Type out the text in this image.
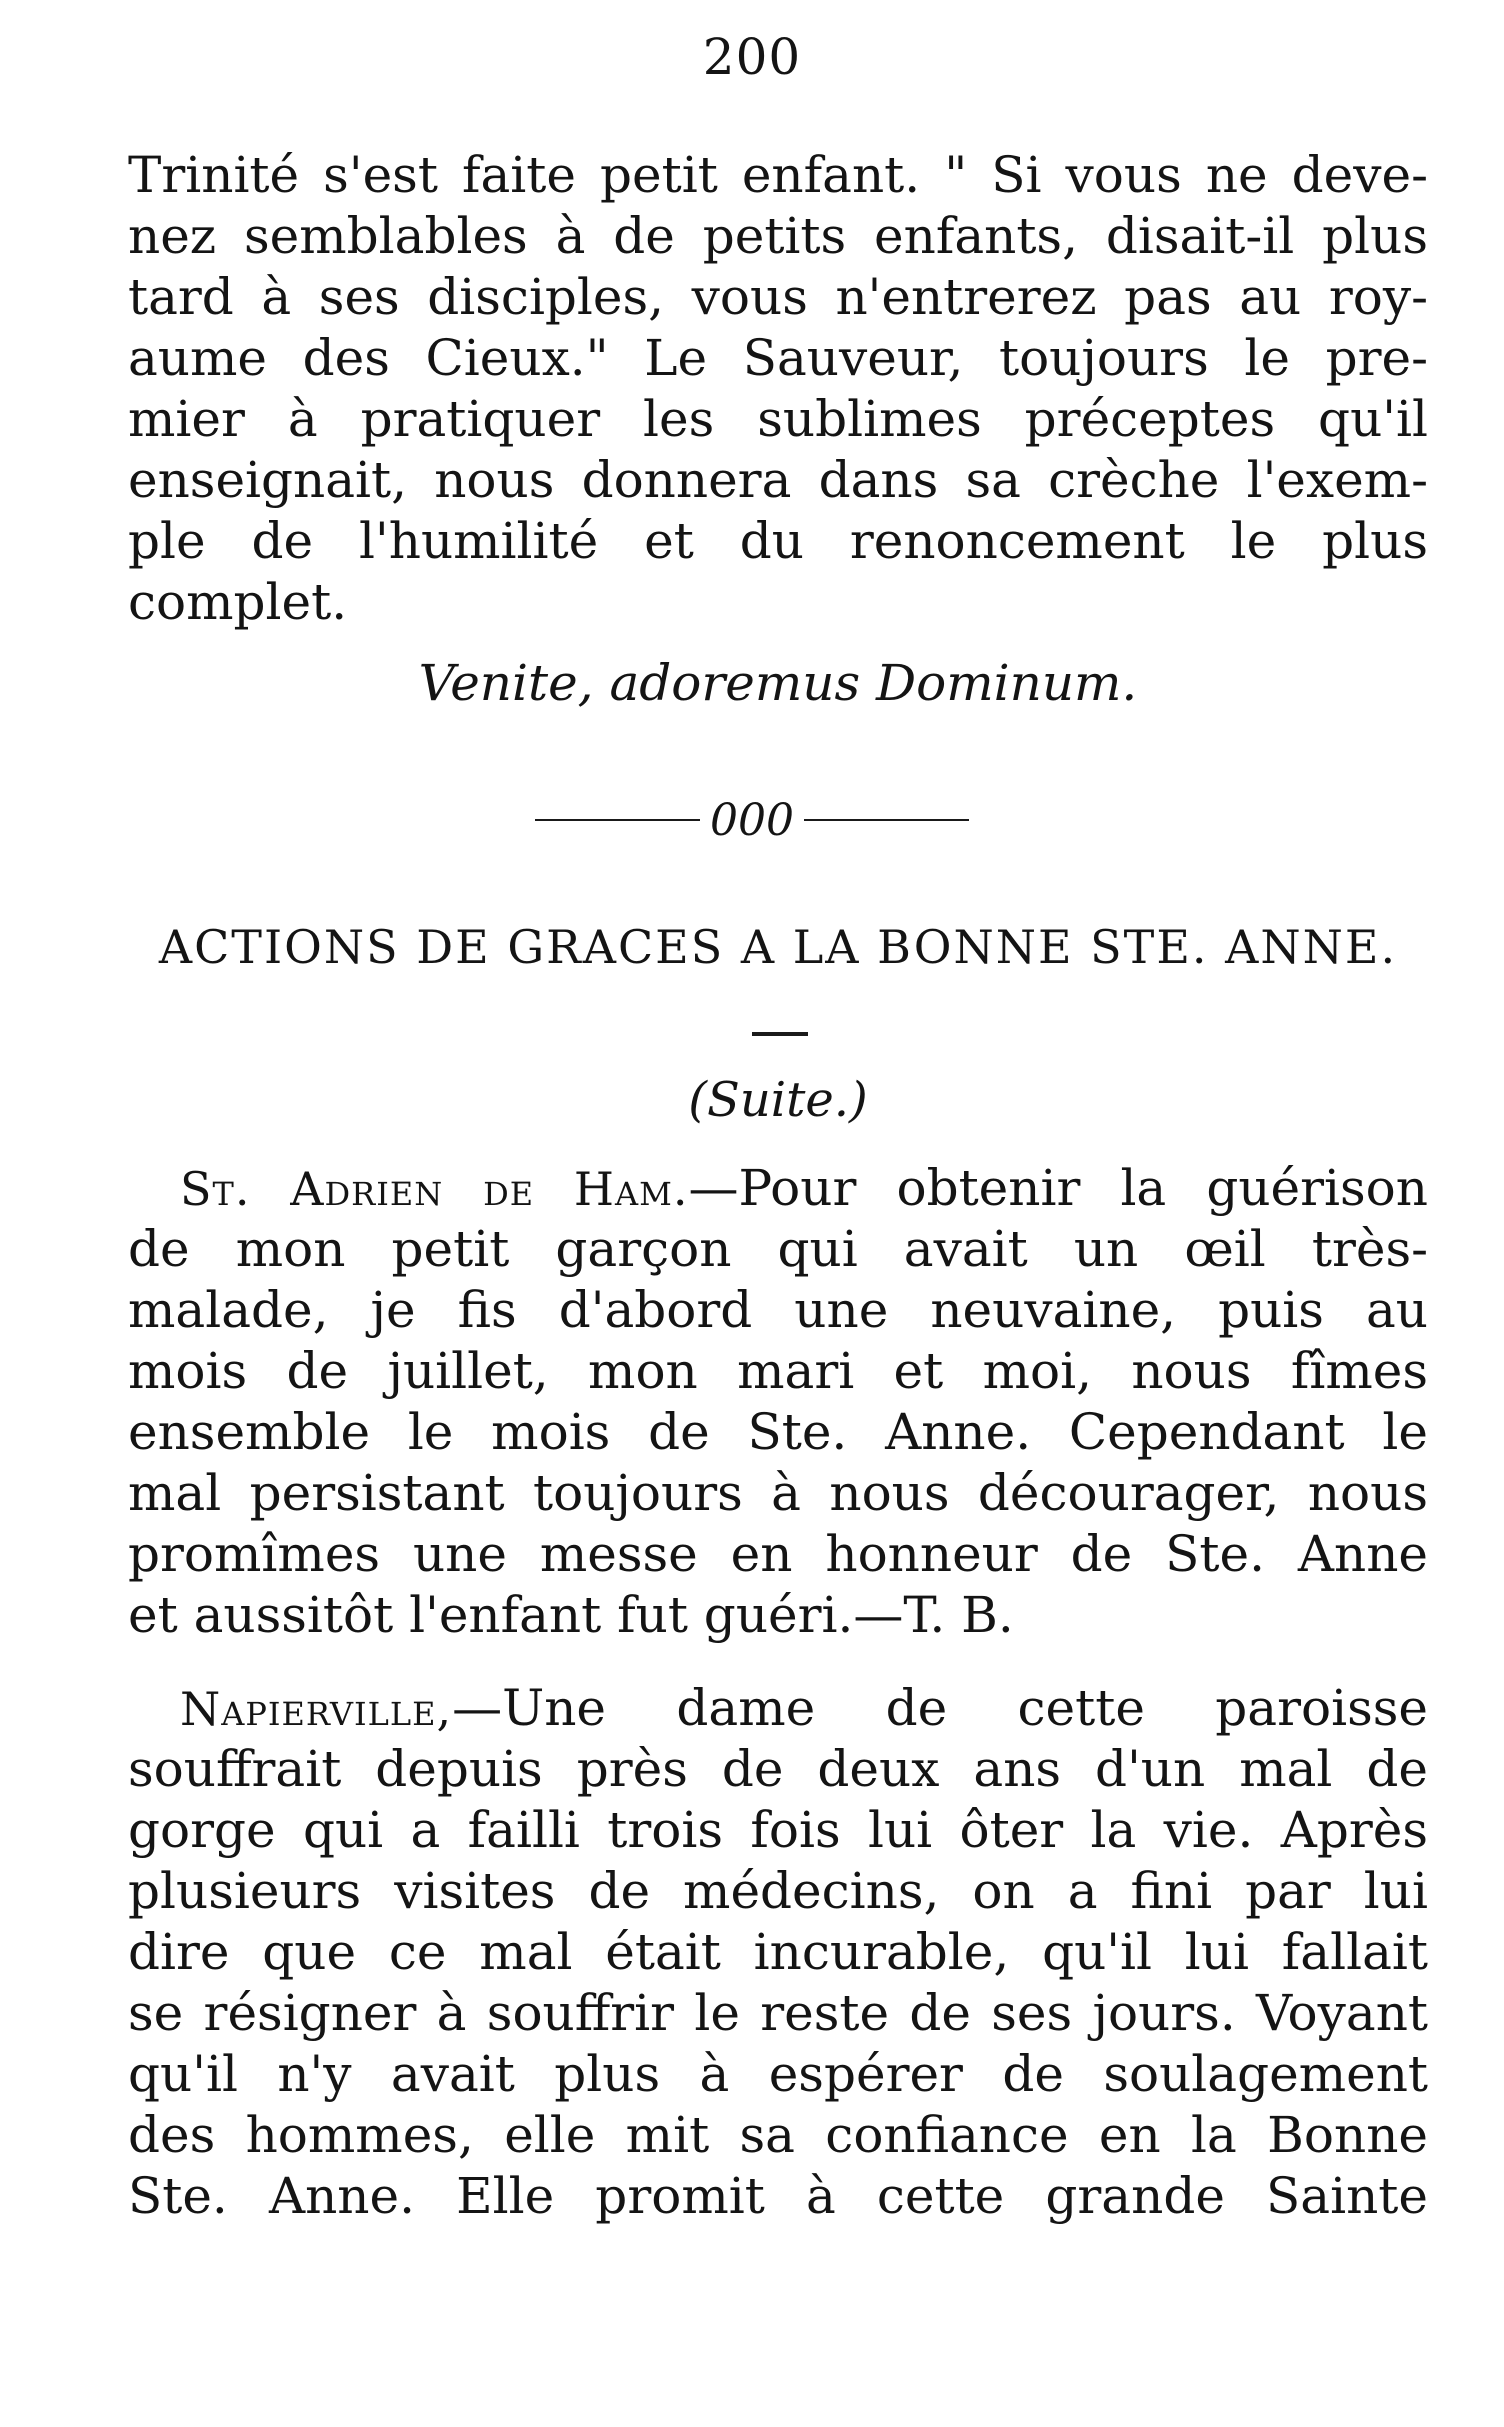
200
Trinité s'est faite petit enfant. " Si vous ne deve-
nez semblables à de petits enfants, disait-il plus
tard à ses disciples, vous n'entrerez pas au roy-
aume des Cieux." Le Sauveur, toujours le pre-
mier à pratiquer les sublimes préceptes qu'il
enseignait, nous donnera dans sa crèche l'exem-
ple de l'humilité et du renoncement le plus
complet.
Venite, adoremus Dominum.
000
ACTIONS DE GRACES A LA BONNE STE. ANNE.
(Suite.)
St. Adrien de Ham.—Pour obtenir la guérison
de mon petit garçon qui avait un œil très-
malade, je fis d'abord une neuvaine, puis au
mois de juillet, mon mari et moi, nous fîmes
ensemble le mois de Ste. Anne. Cependant le
mal persistant toujours à nous décourager, nous
promîmes une messe en honneur de Ste. Anne
et aussitôt l'enfant fut guéri.—T. B.
Napierville,—Une dame de cette paroisse
souffrait depuis près de deux ans d'un mal de
gorge qui a failli trois fois lui ôter la vie. Après
plusieurs visites de médecins, on a fini par lui
dire que ce mal était incurable, qu'il lui fallait
se résigner à souffrir le reste de ses jours. Voyant
qu'il n'y avait plus à espérer de soulagement
des hommes, elle mit sa confiance en la Bonne
Ste. Anne. Elle promit à cette grande Sainte
